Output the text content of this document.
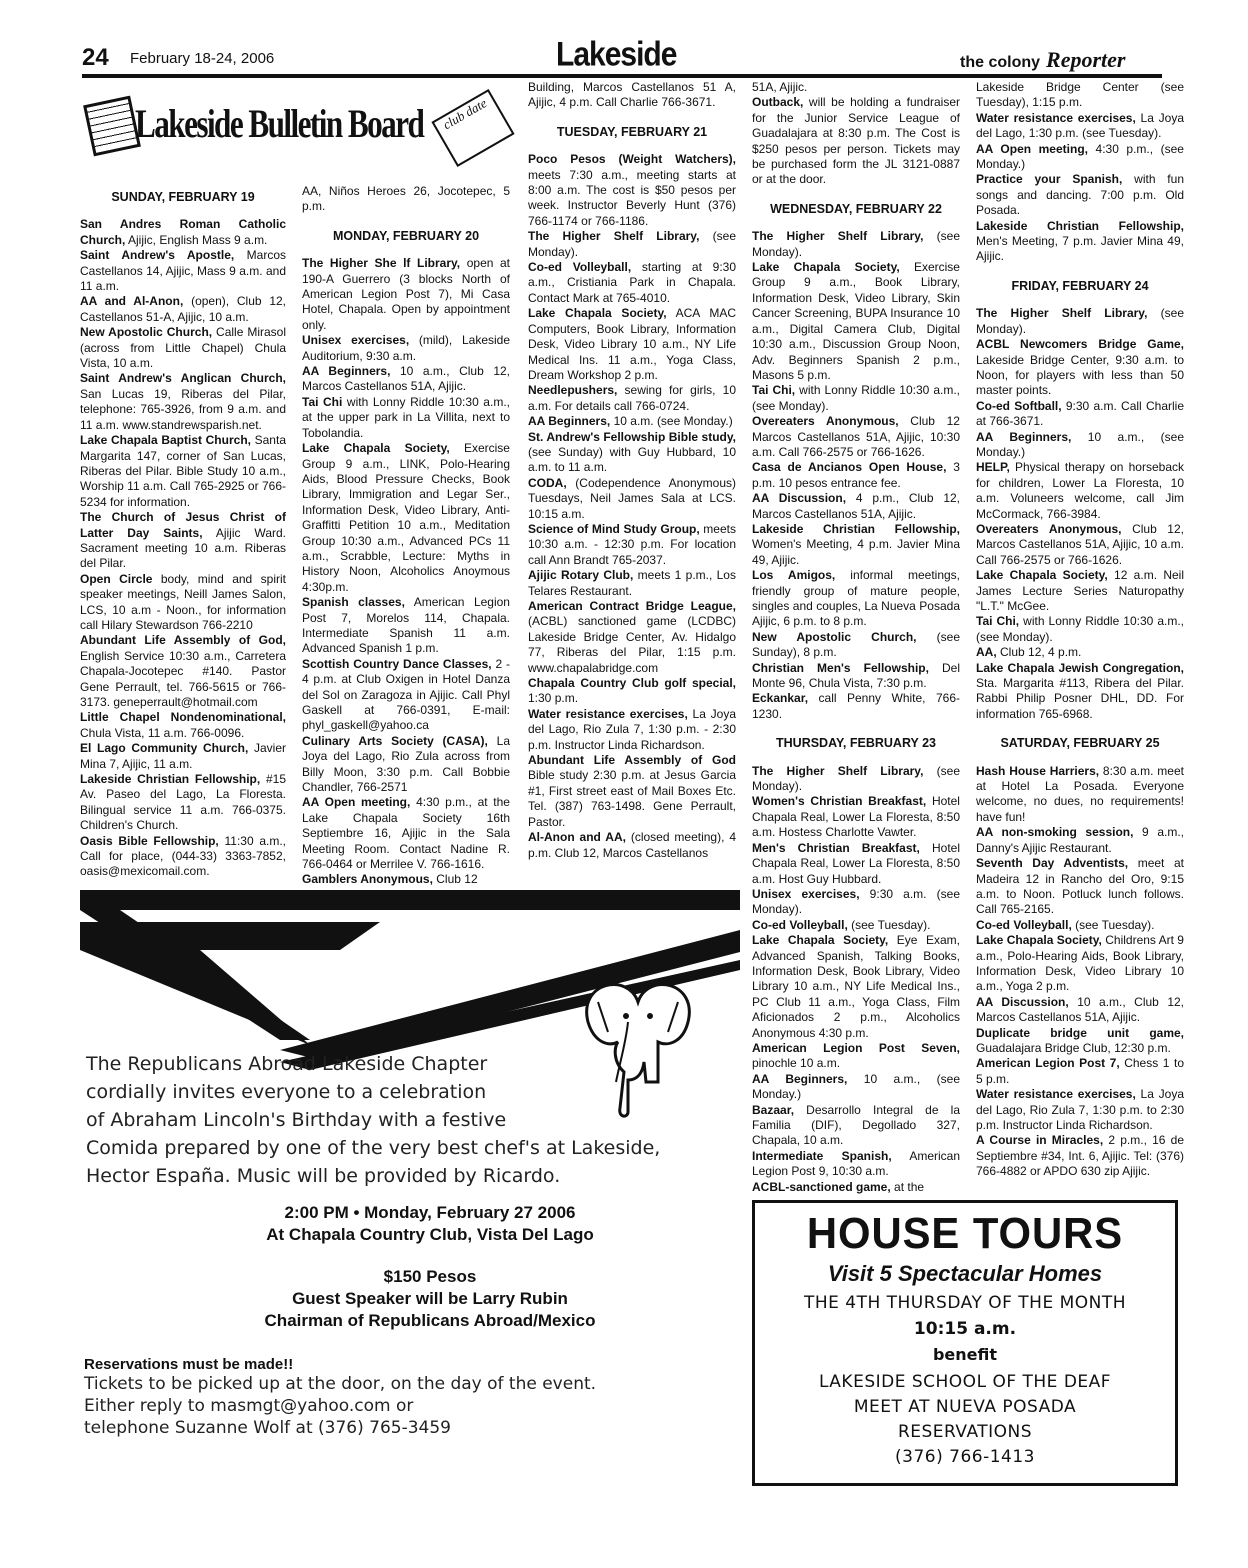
24 February 18-24, 2006	Lakeside	the colony Reporter
Lakeside Bulletin Board	club date

SUNDAY, FEBRUARY 19

San Andres Roman Catholic Church, Ajijic, English Mass 9 a.m.

Saint Andrew's Apostle, Marcos Castellanos 14, Ajijic, Mass 9 a.m. and 11 a.m.

AA and Al-Anon, (open), Club 12, Castellanos 51-A, Ajijic, 10 a.m.

New Apostolic Church, Calle Mirasol (across from Little Chapel) Chula Vista, 10 a.m.

Saint Andrew's Anglican Church, San Lucas 19, Riberas del Pilar, telephone: 765-3926, from 9 a.m. and 11 a.m. www.standrewsparish.net.

Lake Chapala Baptist Church, Santa Margarita 147, corner of San Lucas, Riberas del Pilar. Bible Study 10 a.m., Worship 11 a.m. Call 765-2925 or 766-5234 for information.

The Church of Jesus Christ of Latter Day Saints, Ajijic Ward. Sacrament meeting 10 a.m. Riberas del Pilar.

Open Circle body, mind and spirit speaker meetings, Neill James Salon, LCS, 10 a.m - Noon., for information call Hilary Stewardson 766-2210

Abundant Life Assembly of God, English Service 10:30 a.m., Carretera Chapala-Jocotepec #140. Pastor Gene Perrault, tel. 766-5615 or 766-3173. geneperrault@hotmail.com

Little Chapel Nondenominational, Chula Vista, 11 a.m. 766-0096.

El Lago Community Church, Javier Mina 7, Ajijic, 11 a.m.

Lakeside Christian Fellowship, #15 Av. Paseo del Lago, La Floresta. Bilingual service 11 a.m. 766-0375. Children's Church.

Oasis Bible Fellowship, 11:30 a.m., Call for place, (044-33) 3363-7852, oasis@mexicomail.com.

AA, Niños Heroes 26, Jocotepec, 5 p.m.

MONDAY, FEBRUARY 20

The Higher She lf Library, open at 190-A Guerrero (3 blocks North of American Legion Post 7), Mi Casa Hotel, Chapala. Open by appointment only.

Unisex exercises, (mild), Lakeside Auditorium, 9:30 a.m.

AA Beginners, 10 a.m., Club 12, Marcos Castellanos 51A, Ajijic.

Tai Chi with Lonny Riddle 10:30 a.m., at the upper park in La Villita, next to Tobolandia.

Lake Chapala Society, Exercise Group 9 a.m., LINK, Polo-Hearing Aids, Blood Pressure Checks, Book Library, Immigration and Legar Ser., Information Desk, Video Library, Anti-Graffitti Petition 10 a.m., Meditation Group 10:30 a.m., Advanced PCs 11 a.m., Scrabble, Lecture: Myths in History Noon, Alcoholics Anoymous 4:30p.m.

Spanish classes, American Legion Post 7, Morelos 114, Chapala. Intermediate Spanish 11 a.m. Advanced Spanish 1 p.m.

Scottish Country Dance Classes, 2 - 4 p.m. at Club Oxigen in Hotel Danza del Sol on Zaragoza in Ajijic. Call Phyl Gaskell at 766-0391, E-mail: phyl_gaskell@yahoo.ca

Culinary Arts Society (CASA), La Joya del Lago, Rio Zula across from Billy Moon, 3:30 p.m. Call Bobbie Chandler, 766-2571

AA Open meeting, 4:30 p.m., at the Lake Chapala Society 16th Septiembre 16, Ajijic in the Sala Meeting Room. Contact Nadine R. 766-0464 or Merrilee V. 766-1616.

Gamblers Anonymous, Club 12

Building, Marcos Castellanos 51 A, Ajijic, 4 p.m. Call Charlie 766-3671.

TUESDAY, FEBRUARY 21

Poco Pesos (Weight Watchers), meets 7:30 a.m., meeting starts at 8:00 a.m. The cost is $50 pesos per week. Instructor Beverly Hunt (376) 766-1174 or 766-1186.

The Higher Shelf Library, (see Monday).

Co-ed Volleyball, starting at 9:30 a.m., Cristiania Park in Chapala. Contact Mark at 765-4010.

Lake Chapala Society, ACA MAC Computers, Book Library, Information Desk, Video Library 10 a.m., NY Life Medical Ins. 11 a.m., Yoga Class, Dream Workshop 2 p.m.

Needlepushers, sewing for girls, 10 a.m. For details call 766-0724.

AA Beginners, 10 a.m. (see Monday.)

St. Andrew's Fellowship Bible study, (see Sunday) with Guy Hubbard, 10 a.m. to 11 a.m.

CODA, (Codependence Anonymous) Tuesdays, Neil James Sala at LCS. 10:15 a.m.

Science of Mind Study Group, meets 10:30 a.m. - 12:30 p.m. For location call Ann Brandt 765-2037.

Ajijic Rotary Club, meets 1 p.m., Los Telares Restaurant.

American Contract Bridge League, (ACBL) sanctioned game (LCDBC) Lakeside Bridge Center, Av. Hidalgo 77, Riberas del Pilar, 1:15 p.m. www.chapalabridge.com

Chapala Country Club golf special, 1:30 p.m.

Water resistance exercises, La Joya del Lago, Rio Zula 7, 1:30 p.m. - 2:30 p.m. Instructor Linda Richardson.

Abundant Life Assembly of God Bible study 2:30 p.m. at Jesus Garcia #1, First street east of Mail Boxes Etc. Tel. (387) 763-1498. Gene Perrault, Pastor.

Al-Anon and AA, (closed meeting), 4 p.m. Club 12, Marcos Castellanos

51A, Ajijic.

Outback, will be holding a fundraiser for the Junior Service League of Guadalajara at 8:30 p.m. The Cost is $250 pesos per person. Tickets may be purchased form the JL 3121-0887 or at the door.

WEDNESDAY, FEBRUARY 22

The Higher Shelf Library, (see Monday).

Lake Chapala Society, Exercise Group 9 a.m., Book Library, Information Desk, Video Library, Skin Cancer Screening, BUPA Insurance 10 a.m., Digital Camera Club, Digital 10:30 a.m., Discussion Group Noon, Adv. Beginners Spanish 2 p.m., Masons 5 p.m.

Tai Chi, with Lonny Riddle 10:30 a.m., (see Monday).

Overeaters Anonymous, Club 12 Marcos Castellanos 51A, Ajijic, 10:30 a.m. Call 766-2575 or 766-1626.

Casa de Ancianos Open House, 3 p.m. 10 pesos entrance fee.

AA Discussion, 4 p.m., Club 12, Marcos Castellanos 51A, Ajijic.

Lakeside Christian Fellowship, Women's Meeting, 4 p.m. Javier Mina 49, Ajijic.

Los Amigos, informal meetings, friendly group of mature people, singles and couples, La Nueva Posada Ajijic, 6 p.m. to 8 p.m.

New Apostolic Church, (see Sunday), 8 p.m.

Christian Men's Fellowship, Del Monte 96, Chula Vista, 7:30 p.m.

Eckankar, call Penny White, 766-1230.

THURSDAY, FEBRUARY 23

The Higher Shelf Library, (see Monday).

Women's Christian Breakfast, Hotel Chapala Real, Lower La Floresta, 8:50 a.m. Hostess Charlotte Vawter.

Men's Christian Breakfast, Hotel Chapala Real, Lower La Floresta, 8:50 a.m. Host Guy Hubbard.

Unisex exercises, 9:30 a.m. (see Monday).

Co-ed Volleyball, (see Tuesday).

Lake Chapala Society, Eye Exam, Advanced Spanish, Talking Books, Information Desk, Book Library, Video Library 10 a.m., NY Life Medical Ins., PC Club 11 a.m., Yoga Class, Film Aficionados 2 p.m., Alcoholics Anonymous 4:30 p.m.

American Legion Post Seven, pinochle 10 a.m.

AA Beginners, 10 a.m., (see Monday.)

Bazaar, Desarrollo Integral de la Familia (DIF), Degollado 327, Chapala, 10 a.m.

Intermediate Spanish, American Legion Post 9, 10:30 a.m.

ACBL-sanctioned game, at the

Lakeside Bridge Center (see Tuesday), 1:15 p.m.

Water resistance exercises, La Joya del Lago, 1:30 p.m. (see Tuesday).

AA Open meeting, 4:30 p.m., (see Monday.)

Practice your Spanish, with fun songs and dancing. 7:00 p.m. Old Posada.

Lakeside Christian Fellowship, Men's Meeting, 7 p.m. Javier Mina 49, Ajijic.

FRIDAY, FEBRUARY 24

The Higher Shelf Library, (see Monday).

ACBL Newcomers Bridge Game, Lakeside Bridge Center, 9:30 a.m. to Noon, for players with less than 50 master points.

Co-ed Softball, 9:30 a.m. Call Charlie at 766-3671.

AA Beginners, 10 a.m., (see Monday.)

HELP, Physical therapy on horseback for children, Lower La Floresta, 10 a.m. Voluneers welcome, call Jim McCormack, 766-3984.

Overeaters Anonymous, Club 12, Marcos Castellanos 51A, Ajijic, 10 a.m. Call 766-2575 or 766-1626.

Lake Chapala Society, 12 a.m. Neil James Lecture Series Naturopathy "L.T." McGee.

Tai Chi, with Lonny Riddle 10:30 a.m., (see Monday).

AA, Club 12, 4 p.m.

Lake Chapala Jewish Congregation, Sta. Margarita #113, Ribera del Pilar. Rabbi Philip Posner DHL, DD. For information 765-6968.

SATURDAY, FEBRUARY 25

Hash House Harriers, 8:30 a.m. meet at Hotel La Posada. Everyone welcome, no dues, no requirements! have fun!

AA non-smoking session, 9 a.m., Danny's Ajijic Restaurant.

Seventh Day Adventists, meet at Madeira 12 in Rancho del Oro, 9:15 a.m. to Noon. Potluck lunch follows. Call 765-2165.

Co-ed Volleyball, (see Tuesday).

Lake Chapala Society, Childrens Art 9 a.m., Polo-Hearing Aids, Book Library, Information Desk, Video Library 10 a.m., Yoga 2 p.m.

AA Discussion, 10 a.m., Club 12, Marcos Castellanos 51A, Ajijic.

Duplicate bridge unit game, Guadalajara Bridge Club, 12:30 p.m.

American Legion Post 7, Chess 1 to 5 p.m.

Water resistance exercises, La Joya del Lago, Rio Zula 7, 1:30 p.m. to 2:30 p.m. Instructor Linda Richardson.

A Course in Miracles, 2 p.m., 16 de Septiembre #34, Int. 6, Ajijic. Tel: (376) 766-4882 or APDO 630 zip Ajijic.

The Republicans Abroad Lakeside Chapter
cordially invites everyone to a celebration
of Abraham Lincoln's Birthday with a festive
Comida prepared by one of the very best chef's at Lakeside,
Hector España. Music will be provided by Ricardo.
2:00 PM • Monday, February 27 2006
At Chapala Country Club, Vista Del Lago
$150 Pesos
Guest Speaker will be Larry Rubin
Chairman of Republicans Abroad/Mexico
Reservations must be made!!
Tickets to be picked up at the door, on the day of the event.
Either reply to masmgt@yahoo.com or
telephone Suzanne Wolf at (376) 765-3459
HOUSE TOURS
Visit 5 Spectacular Homes
THE 4TH THURSDAY OF THE MONTH
10:15 a.m.
benefit
LAKESIDE SCHOOL OF THE DEAF
MEET AT NUEVA POSADA
RESERVATIONS
(376) 766-1413
